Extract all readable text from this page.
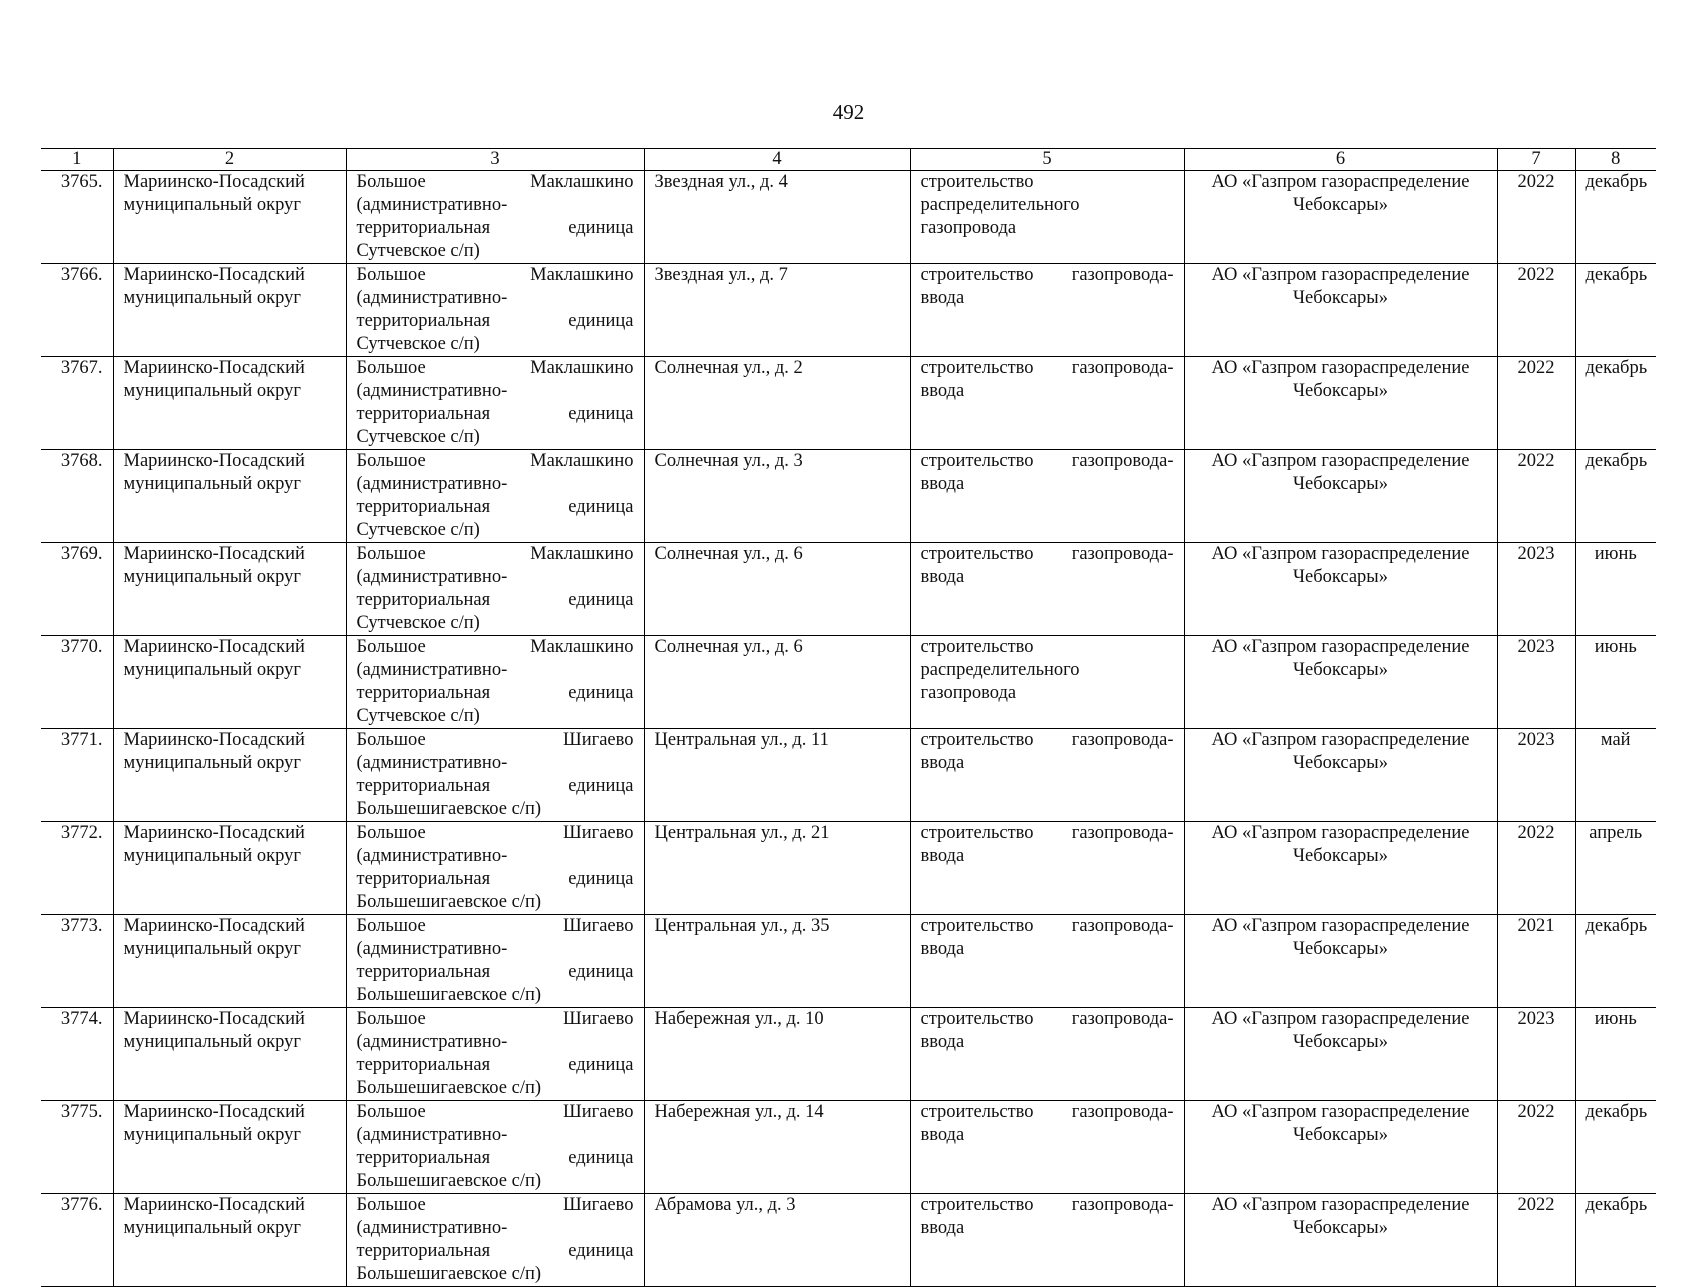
492
1	2	3	4	5	6	7	8
3765.	Мариинско-Посадский муниципальный округ	Большое Маклашкино (административно-территориальная единица Сутчевское с/п)	Звездная ул., д. 4	строительство распределительного газопровода	АО «Газпром газораспределение Чебоксары»	2022	декабрь
3766.	Мариинско-Посадский муниципальный округ	Большое Маклашкино (административно-территориальная единица Сутчевское с/п)	Звездная ул., д. 7	строительство газопровода-ввода	АО «Газпром газораспределение Чебоксары»	2022	декабрь
3767.	Мариинско-Посадский муниципальный округ	Большое Маклашкино (административно-территориальная единица Сутчевское с/п)	Солнечная ул., д. 2	строительство газопровода-ввода	АО «Газпром газораспределение Чебоксары»	2022	декабрь
3768.	Мариинско-Посадский муниципальный округ	Большое Маклашкино (административно-территориальная единица Сутчевское с/п)	Солнечная ул., д. 3	строительство газопровода-ввода	АО «Газпром газораспределение Чебоксары»	2022	декабрь
3769.	Мариинско-Посадский муниципальный округ	Большое Маклашкино (административно-территориальная единица Сутчевское с/п)	Солнечная ул., д. 6	строительство газопровода-ввода	АО «Газпром газораспределение Чебоксары»	2023	июнь
3770.	Мариинско-Посадский муниципальный округ	Большое Маклашкино (административно-территориальная единица Сутчевское с/п)	Солнечная ул., д. 6	строительство распределительного газопровода	АО «Газпром газораспределение Чебоксары»	2023	июнь
3771.	Мариинско-Посадский муниципальный округ	Большое Шигаево (административно-территориальная единица Большешигаевское с/п)	Центральная ул., д. 11	строительство газопровода-ввода	АО «Газпром газораспределение Чебоксары»	2023	май
3772.	Мариинско-Посадский муниципальный округ	Большое Шигаево (административно-территориальная единица Большешигаевское с/п)	Центральная ул., д. 21	строительство газопровода-ввода	АО «Газпром газораспределение Чебоксары»	2022	апрель
3773.	Мариинско-Посадский муниципальный округ	Большое Шигаево (административно-территориальная единица Большешигаевское с/п)	Центральная ул., д. 35	строительство газопровода-ввода	АО «Газпром газораспределение Чебоксары»	2021	декабрь
3774.	Мариинско-Посадский муниципальный округ	Большое Шигаево (административно-территориальная единица Большешигаевское с/п)	Набережная ул., д. 10	строительство газопровода-ввода	АО «Газпром газораспределение Чебоксары»	2023	июнь
3775.	Мариинско-Посадский муниципальный округ	Большое Шигаево (административно-территориальная единица Большешигаевское с/п)	Набережная ул., д. 14	строительство газопровода-ввода	АО «Газпром газораспределение Чебоксары»	2022	декабрь
3776.	Мариинско-Посадский муниципальный округ	Большое Шигаево (административно-территориальная единица Большешигаевское с/п)	Абрамова ул., д. 3	строительство газопровода-ввода	АО «Газпром газораспределение Чебоксары»	2022	декабрь
